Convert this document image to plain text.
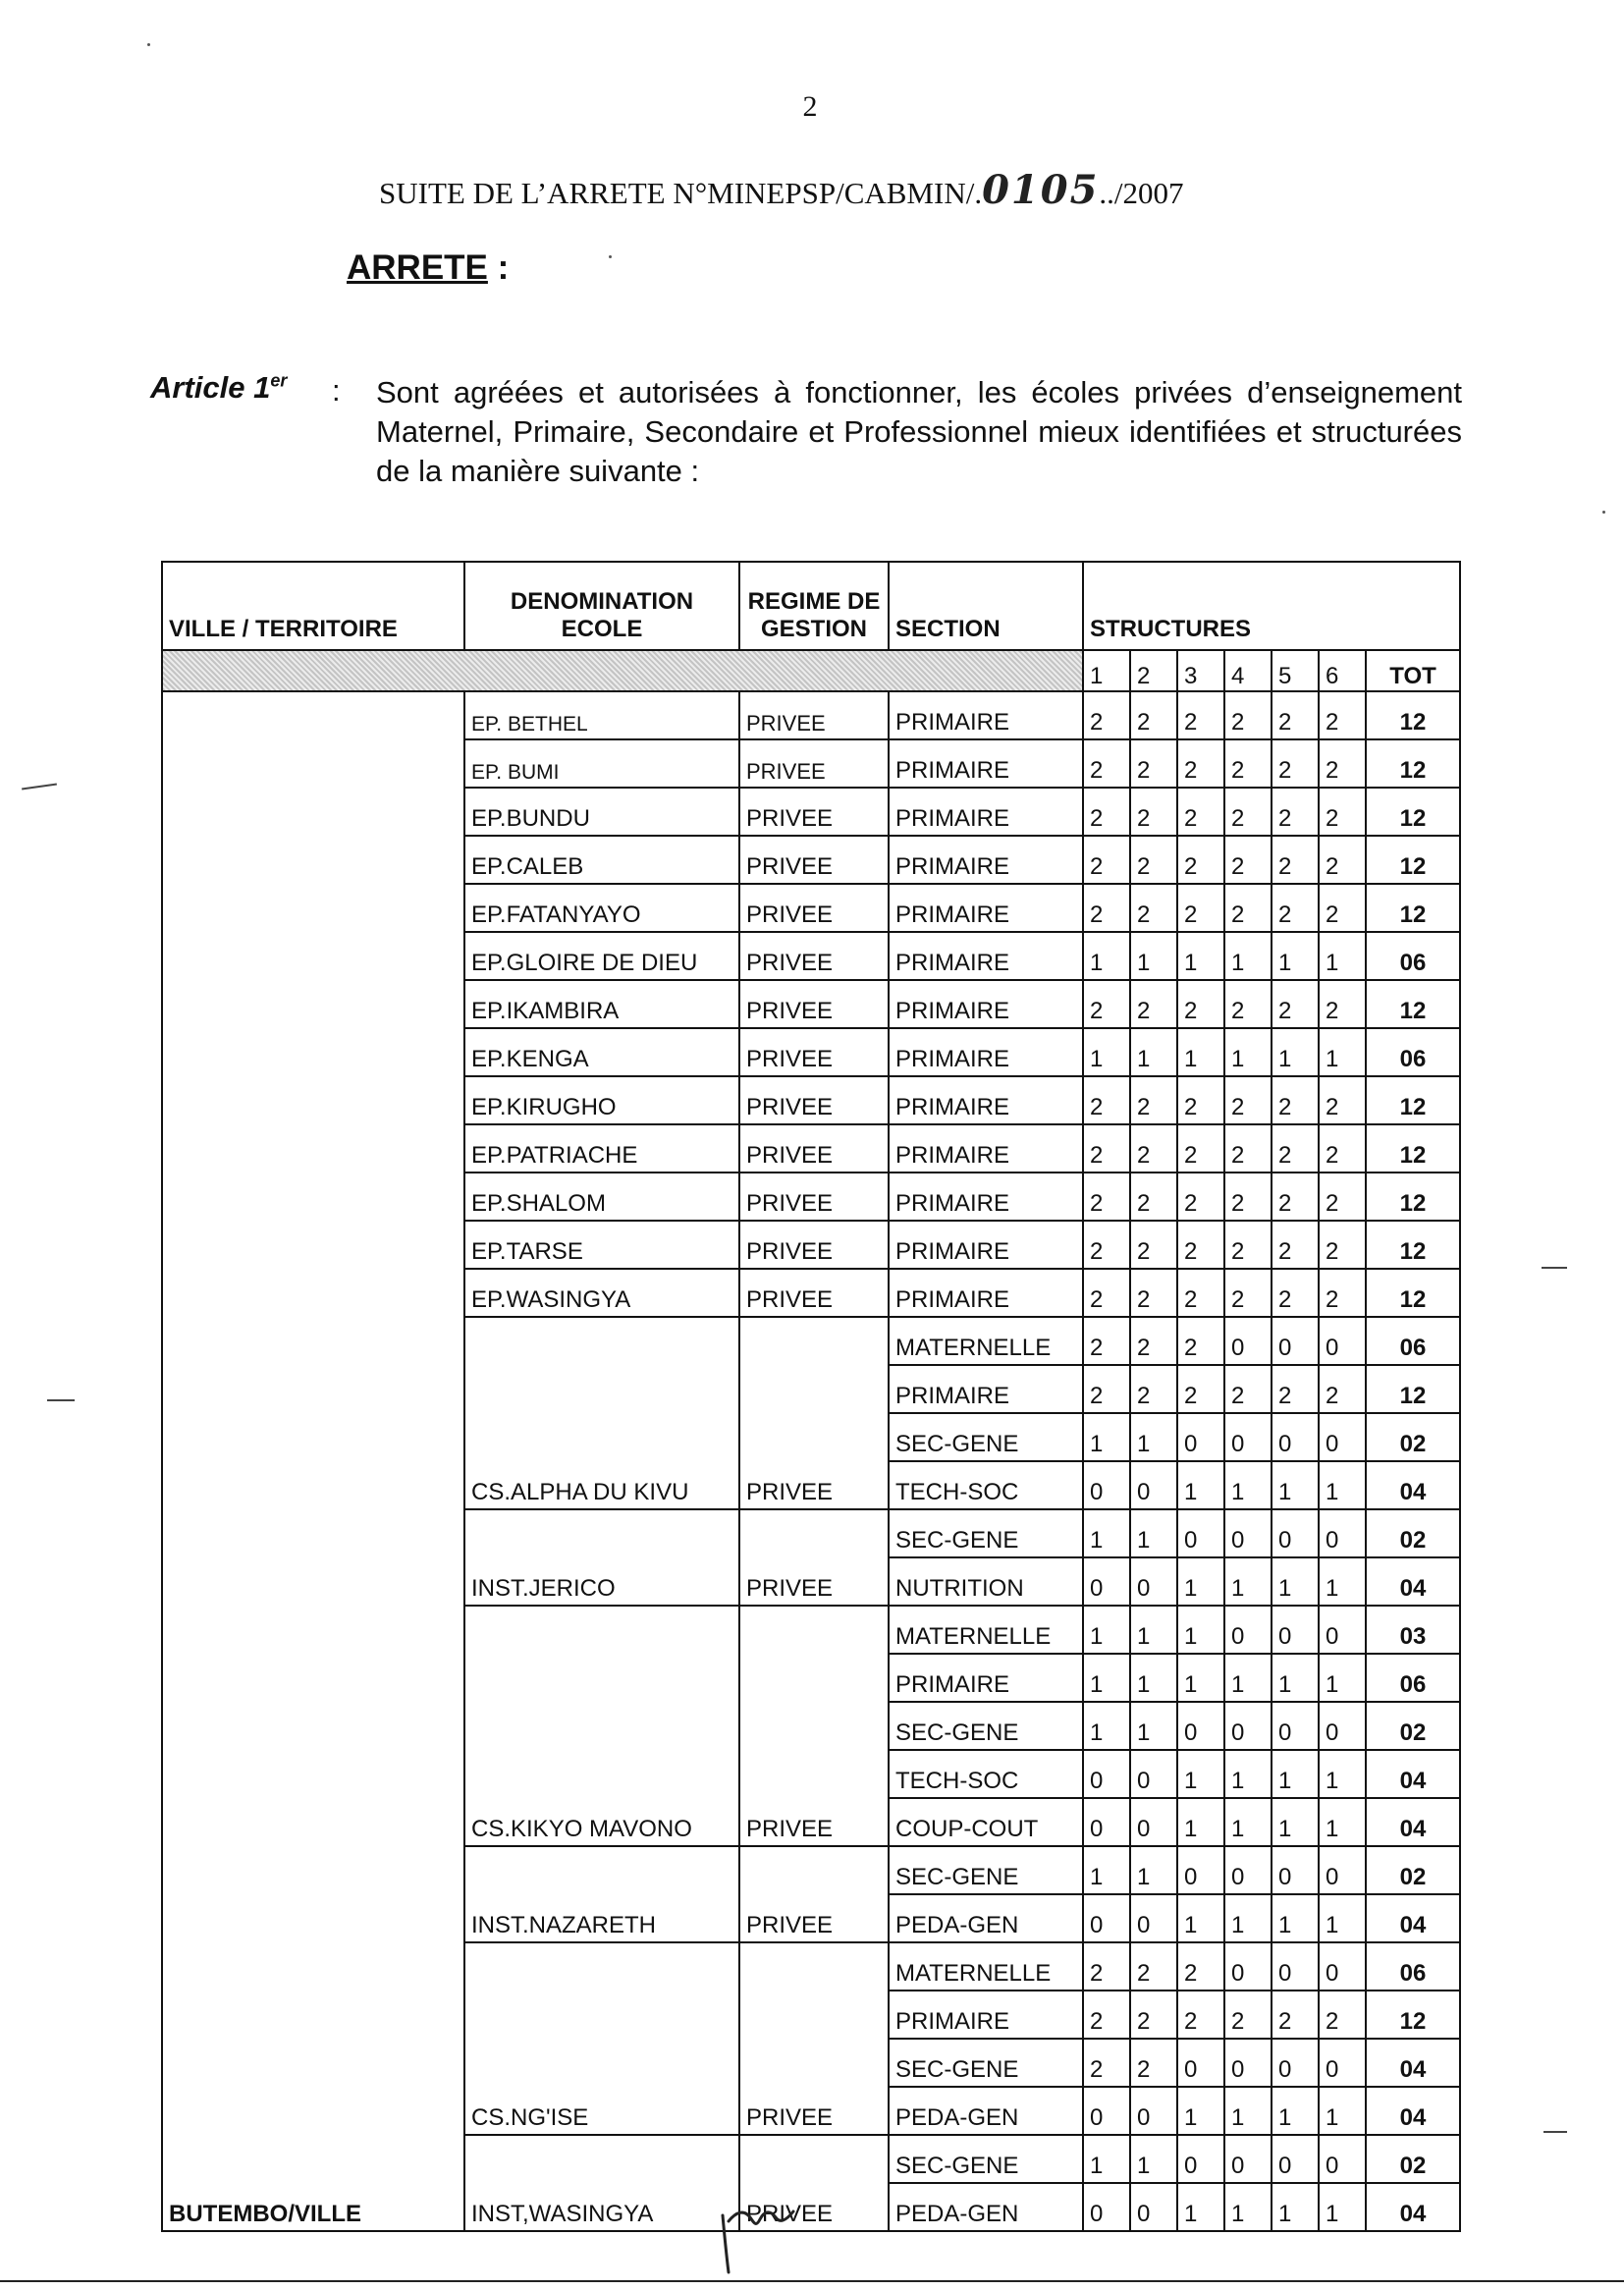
2
SUITE DE L’ARRETE N°MINEPSP/CABMIN/.0105../2007
ARRETE :
Article 1er : Sont agréées et autorisées à fonctionner, les écoles privées d’enseignement Maternel, Primaire, Secondaire et Professionnel mieux identifiées et structurées de la manière suivante :
VILLE / TERRITOIRE	DENOMINATION ECOLE	REGIME DE GESTION	SECTION	STRUCTURES						
				1	2	3	4	5	6	TOT
BUTEMBO/VILLE	EP. BETHEL	PRIVEE	PRIMAIRE	2	2	2	2	2	2	12
	EP. BUMI	PRIVEE	PRIMAIRE	2	2	2	2	2	2	12
	EP.BUNDU	PRIVEE	PRIMAIRE	2	2	2	2	2	2	12
	EP.CALEB	PRIVEE	PRIMAIRE	2	2	2	2	2	2	12
	EP.FATANYAYO	PRIVEE	PRIMAIRE	2	2	2	2	2	2	12
	EP.GLOIRE DE DIEU	PRIVEE	PRIMAIRE	1	1	1	1	1	1	06
	EP.IKAMBIRA	PRIVEE	PRIMAIRE	2	2	2	2	2	2	12
	EP.KENGA	PRIVEE	PRIMAIRE	1	1	1	1	1	1	06
	EP.KIRUGHO	PRIVEE	PRIMAIRE	2	2	2	2	2	2	12
	EP.PATRIACHE	PRIVEE	PRIMAIRE	2	2	2	2	2	2	12
	EP.SHALOM	PRIVEE	PRIMAIRE	2	2	2	2	2	2	12
	EP.TARSE	PRIVEE	PRIMAIRE	2	2	2	2	2	2	12
	EP.WASINGYA	PRIVEE	PRIMAIRE	2	2	2	2	2	2	12
	CS.ALPHA DU KIVU	PRIVEE	MATERNELLE	2	2	2	0	0	0	06
			PRIMAIRE	2	2	2	2	2	2	12
			SEC-GENE	1	1	0	0	0	0	02
			TECH-SOC	0	0	1	1	1	1	04
	INST.JERICO	PRIVEE	SEC-GENE	1	1	0	0	0	0	02
			NUTRITION	0	0	1	1	1	1	04
	CS.KIKYO MAVONO	PRIVEE	MATERNELLE	1	1	1	0	0	0	03
			PRIMAIRE	1	1	1	1	1	1	06
			SEC-GENE	1	1	0	0	0	0	02
			TECH-SOC	0	0	1	1	1	1	04
			COUP-COUT	0	0	1	1	1	1	04
	INST.NAZARETH	PRIVEE	SEC-GENE	1	1	0	0	0	0	02
			PEDA-GEN	0	0	1	1	1	1	04
	CS.NG'ISE	PRIVEE	MATERNELLE	2	2	2	0	0	0	06
			PRIMAIRE	2	2	2	2	2	2	12
			SEC-GENE	2	2	0	0	0	0	04
			PEDA-GEN	0	0	1	1	1	1	04
	INST,WASINGYA	PRIVEE	SEC-GENE	1	1	0	0	0	0	02
			PEDA-GEN	0	0	1	1	1	1	04
